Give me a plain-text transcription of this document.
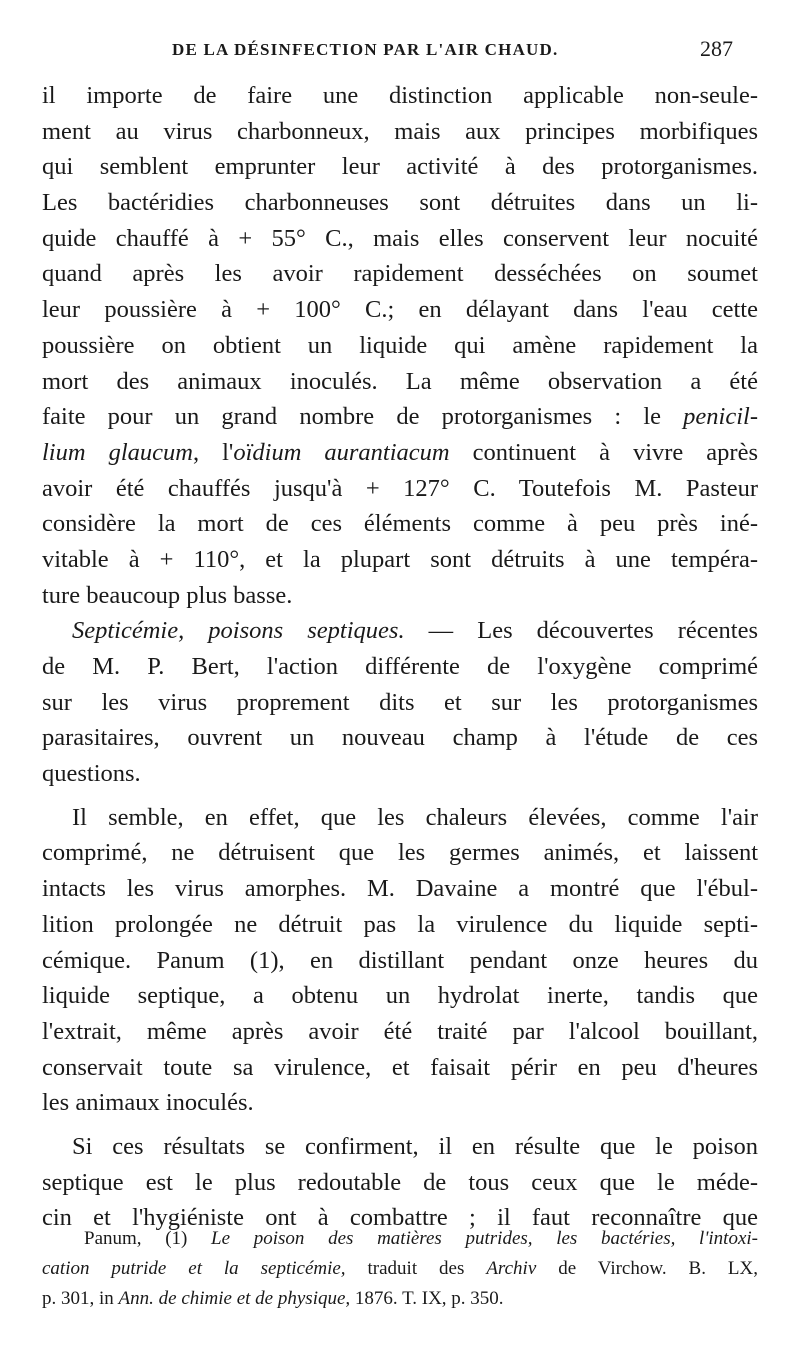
DE LA DÉSINFECTION PAR L'AIR CHAUD.	287
il importe de faire une distinction applicable non-seule-
ment au virus charbonneux, mais aux principes morbifiques
qui semblent emprunter leur activité à des protorganismes.
Les bactéridies charbonneuses sont détruites dans un li-
quide chauffé à + 55° C., mais elles conservent leur nocuité
quand après les avoir rapidement desséchées on soumet
leur poussière à + 100° C.; en délayant dans l'eau cette
poussière on obtient un liquide qui amène rapidement la
mort des animaux inoculés. La même observation a été
faite pour un grand nombre de protorganismes : le penicil-
lium glaucum, l'oïdium aurantiacum continuent à vivre après
avoir été chauffés jusqu'à + 127° C. Toutefois M. Pasteur
considère la mort de ces éléments comme à peu près iné-
vitable à + 110°, et la plupart sont détruits à une tempéra-
ture beaucoup plus basse.
Septicémie, poisons septiques. — Les découvertes récentes
de M. P. Bert, l'action différente de l'oxygène comprimé
sur les virus proprement dits et sur les protorganismes
parasitaires, ouvrent un nouveau champ à l'étude de ces
questions.
Il semble, en effet, que les chaleurs élevées, comme l'air
comprimé, ne détruisent que les germes animés, et laissent
intacts les virus amorphes. M. Davaine a montré que l'ébul-
lition prolongée ne détruit pas la virulence du liquide septi-
cémique. Panum (1), en distillant pendant onze heures du
liquide septique, a obtenu un hydrolat inerte, tandis que
l'extrait, même après avoir été traité par l'alcool bouillant,
conservait toute sa virulence, et faisait périr en peu d'heures
les animaux inoculés.
Si ces résultats se confirment, il en résulte que le poison
septique est le plus redoutable de tous ceux que le méde-
cin et l'hygiéniste ont à combattre ; il faut reconnaître que
Panum, (1) Le poison des matières putrides, les bactéries, l'intoxi-
cation putride et la septicémie, traduit des Archiv de Virchow. B. LX,
p. 301, in Ann. de chimie et de physique, 1876. T. IX, p. 350.
